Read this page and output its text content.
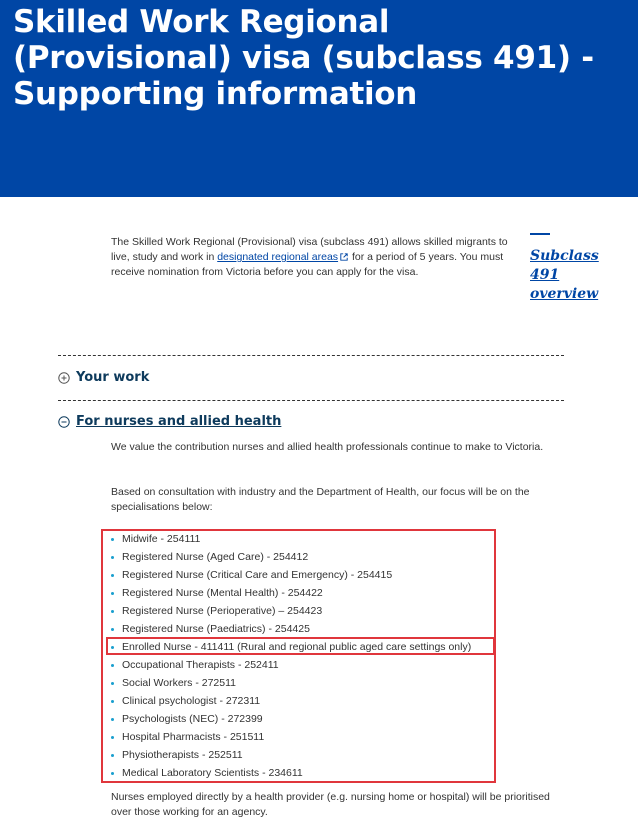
Skilled Work Regional (Provisional) visa (subclass 491) - Supporting information
The Skilled Work Regional (Provisional) visa (subclass 491) allows skilled migrants to live, study and work in designated regional areas for a period of 5 years. You must receive nomination from Victoria before you can apply for the visa.
Subclass 491 overview
Your work
For nurses and allied health

We value the contribution nurses and allied health professionals continue to make to Victoria.

Based on consultation with industry and the Department of Health, our focus will be on the specialisations below:

Midwife - 254111
Registered Nurse (Aged Care) - 254412
Registered Nurse (Critical Care and Emergency) - 254415
Registered Nurse (Mental Health) - 254422
Registered Nurse (Perioperative) – 254423
Registered Nurse (Paediatrics) - 254425
Enrolled Nurse - 411411 (Rural and regional public aged care settings only)
Occupational Therapists - 252411
Social Workers - 272511
Clinical psychologist - 272311
Psychologists (NEC) - 272399
Hospital Pharmacists - 251511
Physiotherapists - 252511
Medical Laboratory Scientists - 234611

Nurses employed directly by a health provider (e.g. nursing home or hospital) will be prioritised over those working for an agency.
